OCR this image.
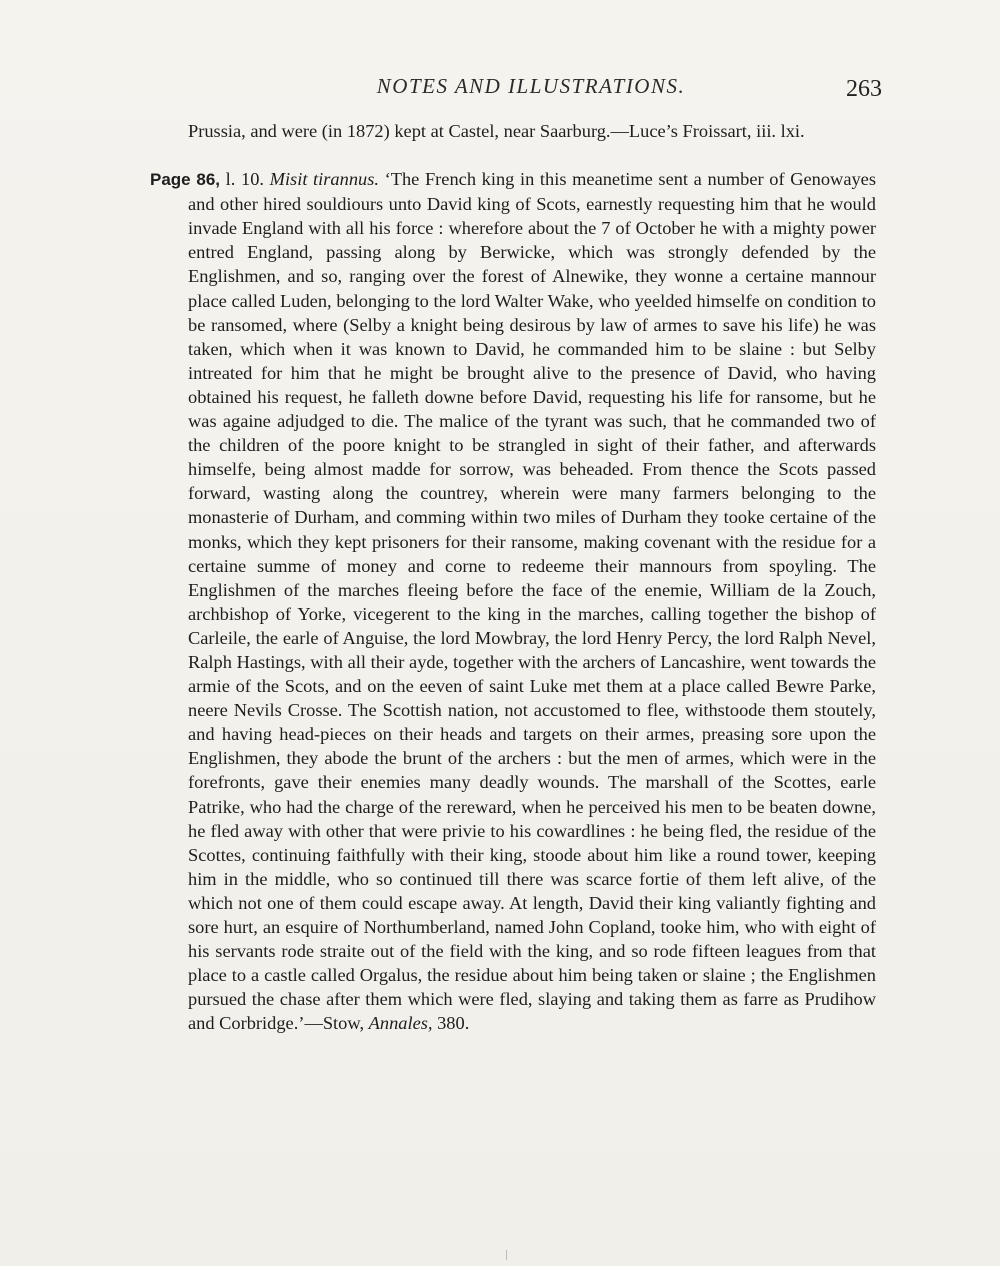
NOTES AND ILLUSTRATIONS.	263

Prussia, and were (in 1872) kept at Castel, near Saarburg.—Luce’s Froissart, iii. lxi.

Page 86, l. 10. Misit tirannus. ‘The French king in this meanetime sent a number of Genowayes and other hired souldiours unto David king of Scots, earnestly requesting him that he would invade England with all his force : wherefore about the 7 of October he with a mighty power entred England, passing along by Berwicke, which was strongly defended by the Englishmen, and so, ranging over the forest of Alnewike, they wonne a certaine mannour place called Luden, belonging to the lord Walter Wake, who yeelded himselfe on condition to be ransomed, where (Selby a knight being desirous by law of armes to save his life) he was taken, which when it was known to David, he commanded him to be slaine : but Selby intreated for him that he might be brought alive to the presence of David, who having obtained his request, he falleth downe before David, requesting his life for ransome, but he was againe adjudged to die. The malice of the tyrant was such, that he commanded two of the children of the poore knight to be strangled in sight of their father, and afterwards himselfe, being almost madde for sorrow, was beheaded. From thence the Scots passed forward, wasting along the countrey, wherein were many farmers belonging to the monasterie of Durham, and comming within two miles of Durham they tooke certaine of the monks, which they kept prisoners for their ransome, making covenant with the residue for a certaine summe of money and corne to redeeme their mannours from spoyling. The Englishmen of the marches fleeing before the face of the enemie, William de la Zouch, archbishop of Yorke, vicegerent to the king in the marches, calling together the bishop of Carleile, the earle of Anguise, the lord Mowbray, the lord Henry Percy, the lord Ralph Nevel, Ralph Hastings, with all their ayde, together with the archers of Lancashire, went towards the armie of the Scots, and on the eeven of saint Luke met them at a place called Bewre Parke, neere Nevils Crosse. The Scottish nation, not accustomed to flee, withstoode them stoutely, and having head-pieces on their heads and targets on their armes, preasing sore upon the Englishmen, they abode the brunt of the archers : but the men of armes, which were in the forefronts, gave their enemies many deadly wounds. The marshall of the Scottes, earle Patrike, who had the charge of the rereward, when he perceived his men to be beaten downe, he fled away with other that were privie to his cowardlines : he being fled, the residue of the Scottes, continuing faithfully with their king, stoode about him like a round tower, keeping him in the middle, who so continued till there was scarce fortie of them left alive, of the which not one of them could escape away. At length, David their king valiantly fighting and sore hurt, an esquire of Northumberland, named John Copland, tooke him, who with eight of his servants rode straite out of the field with the king, and so rode fifteen leagues from that place to a castle called Orgalus, the residue about him being taken or slaine ; the Englishmen pursued the chase after them which were fled, slaying and taking them as farre as Prudihow and Corbridge.’—Stow, Annales, 380.
